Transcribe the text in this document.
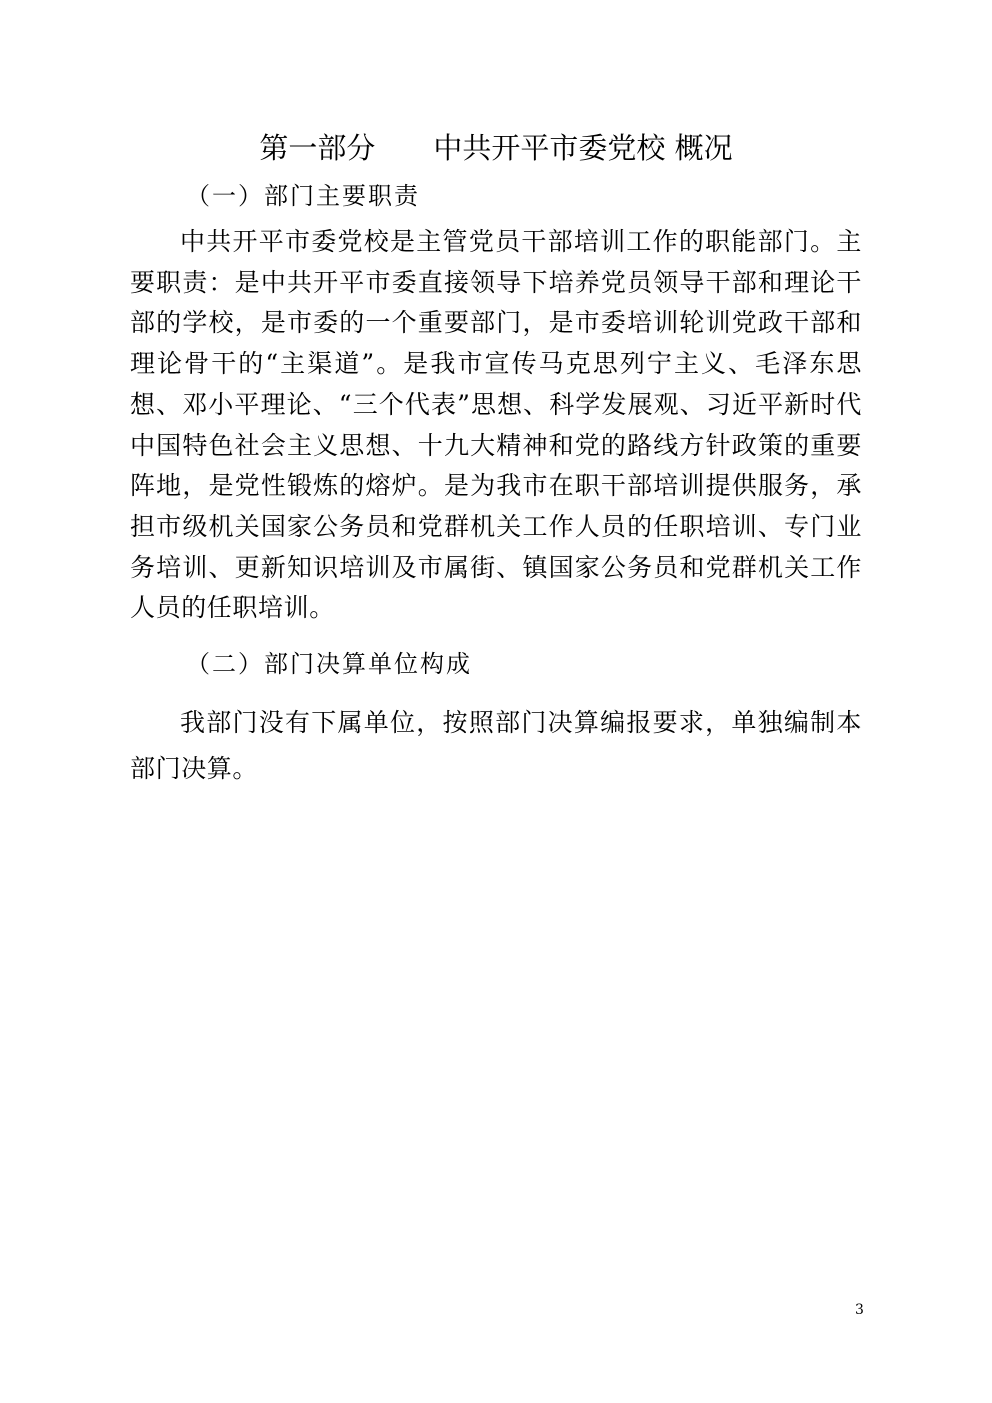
第一部分　　中共开平市委党校 概况
（一）部门主要职责

中共开平市委党校是主管党员干部培训工作的职能部门。主要职责：是中共开平市委直接领导下培养党员领导干部和理论干部的学校，是市委的一个重要部门，是市委培训轮训党政干部和理论骨干的“主渠道”。是我市宣传马克思列宁主义、毛泽东思想、邓小平理论、“三个代表”思想、科学发展观、习近平新时代中国特色社会主义思想、十九大精神和党的路线方针政策的重要阵地，是党性锻炼的熔炉。是为我市在职干部培训提供服务，承担市级机关国家公务员和党群机关工作人员的任职培训、专门业务培训、更新知识培训及市属街、镇国家公务员和党群机关工作人员的任职培训。

（二）部门决算单位构成

我部门没有下属单位，按照部门决算编报要求，单独编制本部门决算。

3
